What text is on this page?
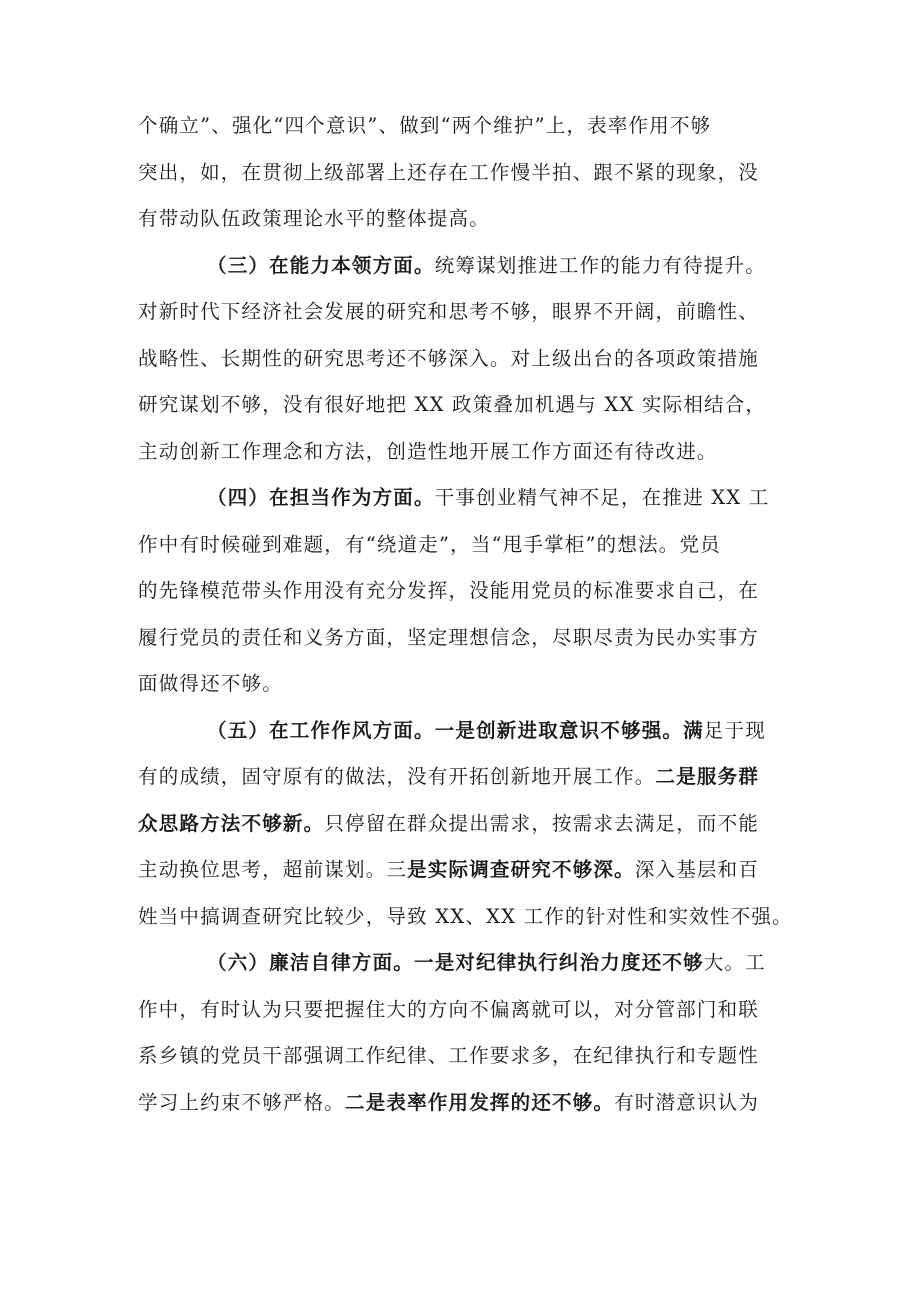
个确立”、强化“四个意识”、做到“两个维护”上，表率作用不够
突出，如，在贯彻上级部署上还存在工作慢半拍、跟不紧的现象，没
有带动队伍政策理论水平的整体提高。

（三）在能力本领方面。统筹谋划推进工作的能力有待提升。
对新时代下经济社会发展的研究和思考不够，眼界不开阔，前瞻性、
战略性、长期性的研究思考还不够深入。对上级出台的各项政策措施
研究谋划不够，没有很好地把 XX 政策叠加机遇与 XX 实际相结合，
主动创新工作理念和方法，创造性地开展工作方面还有待改进。

（四）在担当作为方面。干事创业精气神不足，在推进 XX 工
作中有时候碰到难题，有“绕道走”，当“甩手掌柜”的想法。党员
的先锋模范带头作用没有充分发挥，没能用党员的标准要求自己，在
履行党员的责任和义务方面，坚定理想信念，尽职尽责为民办实事方
面做得还不够。

（五）在工作作风方面。一是创新进取意识不够强。满足于现
有的成绩，固守原有的做法，没有开拓创新地开展工作。二是服务群
众思路方法不够新。只停留在群众提出需求，按需求去满足，而不能
主动换位思考，超前谋划。三是实际调查研究不够深。深入基层和百
姓当中搞调查研究比较少，导致 XX、XX 工作的针对性和实效性不强。

（六）廉洁自律方面。一是对纪律执行纠治力度还不够大。工
作中，有时认为只要把握住大的方向不偏离就可以，对分管部门和联
系乡镇的党员干部强调工作纪律、工作要求多，在纪律执行和专题性
学习上约束不够严格。二是表率作用发挥的还不够。有时潜意识认为
